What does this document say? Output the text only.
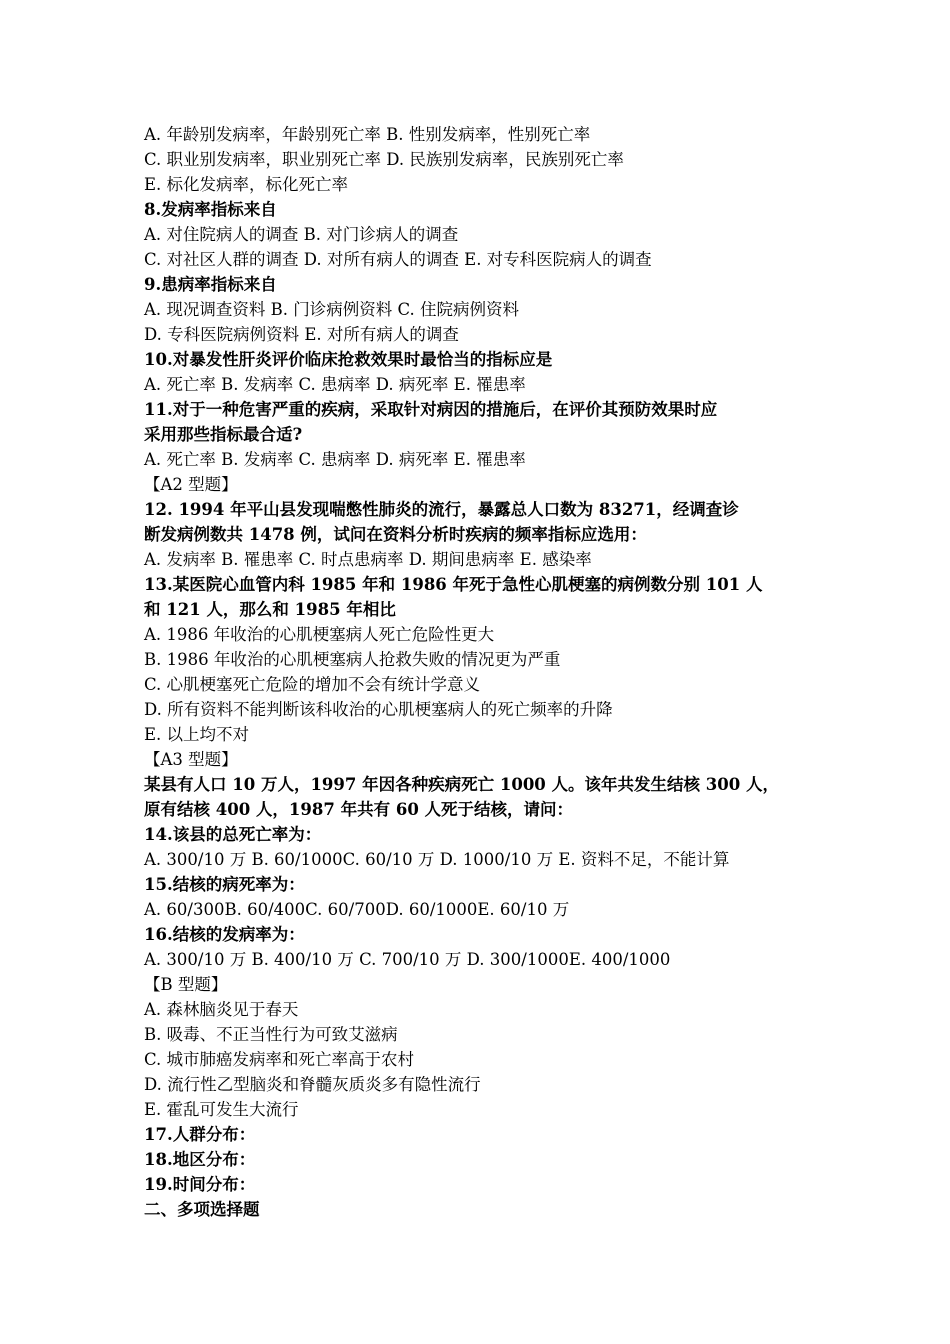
A. 年龄别发病率，年龄别死亡率 B. 性别发病率，性别死亡率
C. 职业别发病率，职业别死亡率 D. 民族别发病率，民族别死亡率
E. 标化发病率，标化死亡率
8.发病率指标来自
A. 对住院病人的调查 B. 对门诊病人的调查
C. 对社区人群的调查 D. 对所有病人的调查 E. 对专科医院病人的调查
9.患病率指标来自
A. 现况调查资料 B. 门诊病例资料 C. 住院病例资料
D. 专科医院病例资料 E. 对所有病人的调查
10.对暴发性肝炎评价临床抢救效果时最恰当的指标应是
A. 死亡率 B. 发病率 C. 患病率 D. 病死率 E. 罹患率
11.对于一种危害严重的疾病，采取针对病因的措施后，在评价其预防效果时应
采用那些指标最合适?
A. 死亡率 B. 发病率 C. 患病率 D. 病死率 E. 罹患率
【A2 型题】
12. 1994 年平山县发现喘憋性肺炎的流行，暴露总人口数为 83271，经调查诊
断发病例数共 1478 例，试问在资料分析时疾病的频率指标应选用：
A. 发病率 B. 罹患率 C. 时点患病率 D. 期间患病率 E. 感染率
13.某医院心血管内科 1985 年和 1986 年死于急性心肌梗塞的病例数分别 101 人
和 121 人，那么和 1985 年相比
A. 1986 年收治的心肌梗塞病人死亡危险性更大
B. 1986 年收治的心肌梗塞病人抢救失败的情况更为严重
C. 心肌梗塞死亡危险的增加不会有统计学意义
D. 所有资料不能判断该科收治的心肌梗塞病人的死亡频率的升降
E. 以上均不对
【A3 型题】
某县有人口 10 万人，1997 年因各种疾病死亡 1000 人。该年共发生结核 300 人，
原有结核 400 人，1987 年共有 60 人死于结核，请问：
14.该县的总死亡率为：
A. 300/10 万 B. 60/1000C. 60/10 万 D. 1000/10 万 E. 资料不足，不能计算
15.结核的病死率为：
A. 60/300B. 60/400C. 60/700D. 60/1000E. 60/10 万
16.结核的发病率为：
A. 300/10 万 B. 400/10 万 C. 700/10 万 D. 300/1000E. 400/1000
【B 型题】
A. 森林脑炎见于春天
B. 吸毒、不正当性行为可致艾滋病
C. 城市肺癌发病率和死亡率高于农村
D. 流行性乙型脑炎和脊髓灰质炎多有隐性流行
E. 霍乱可发生大流行
17.人群分布：
18.地区分布：
19.时间分布：
二、多项选择题
